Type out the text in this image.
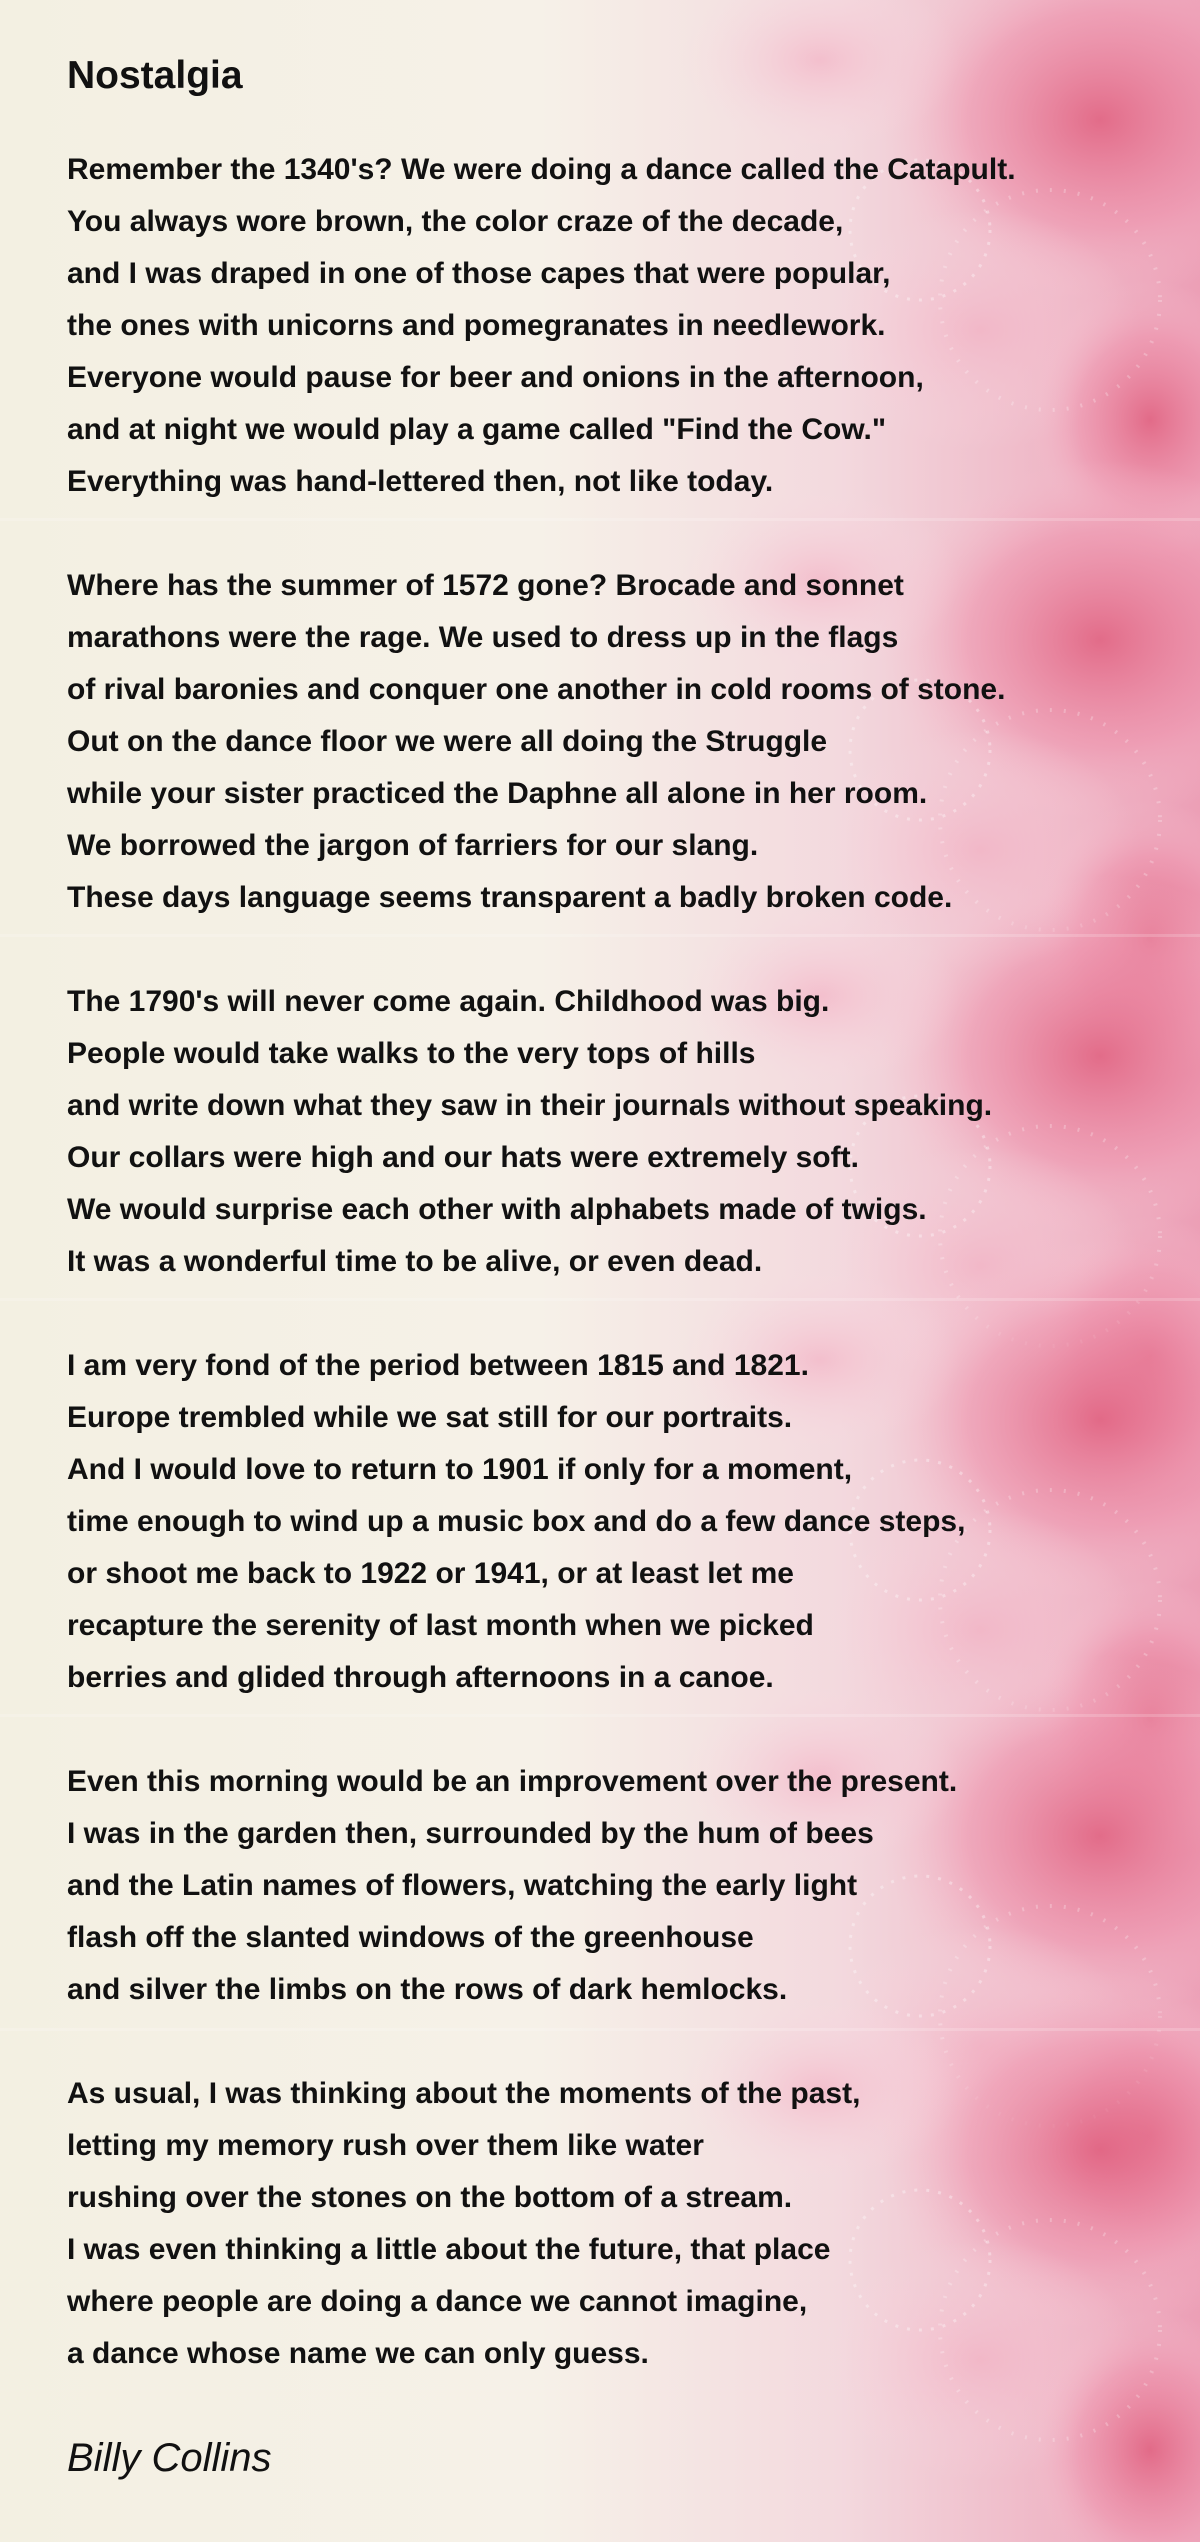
Nostalgia
Remember the 1340's? We were doing a dance called the Catapult.
You always wore brown, the color craze of the decade,
and I was draped in one of those capes that were popular,
the ones with unicorns and pomegranates in needlework.
Everyone would pause for beer and onions in the afternoon,
and at night we would play a game called "Find the Cow."
Everything was hand-lettered then, not like today.
Where has the summer of 1572 gone? Brocade and sonnet
marathons were the rage. We used to dress up in the flags
of rival baronies and conquer one another in cold rooms of stone.
Out on the dance floor we were all doing the Struggle
while your sister practiced the Daphne all alone in her room.
We borrowed the jargon of farriers for our slang.
These days language seems transparent a badly broken code.
The 1790's will never come again. Childhood was big.
People would take walks to the very tops of hills
and write down what they saw in their journals without speaking.
Our collars were high and our hats were extremely soft.
We would surprise each other with alphabets made of twigs.
It was a wonderful time to be alive, or even dead.
I am very fond of the period between 1815 and 1821.
Europe trembled while we sat still for our portraits.
And I would love to return to 1901 if only for a moment,
time enough to wind up a music box and do a few dance steps,
or shoot me back to 1922 or 1941, or at least let me
recapture the serenity of last month when we picked
berries and glided through afternoons in a canoe.
Even this morning would be an improvement over the present.
I was in the garden then, surrounded by the hum of bees
and the Latin names of flowers, watching the early light
flash off the slanted windows of the greenhouse
and silver the limbs on the rows of dark hemlocks.
As usual, I was thinking about the moments of the past,
letting my memory rush over them like water
rushing over the stones on the bottom of a stream.
I was even thinking a little about the future, that place
where people are doing a dance we cannot imagine,
a dance whose name we can only guess.
Billy Collins
